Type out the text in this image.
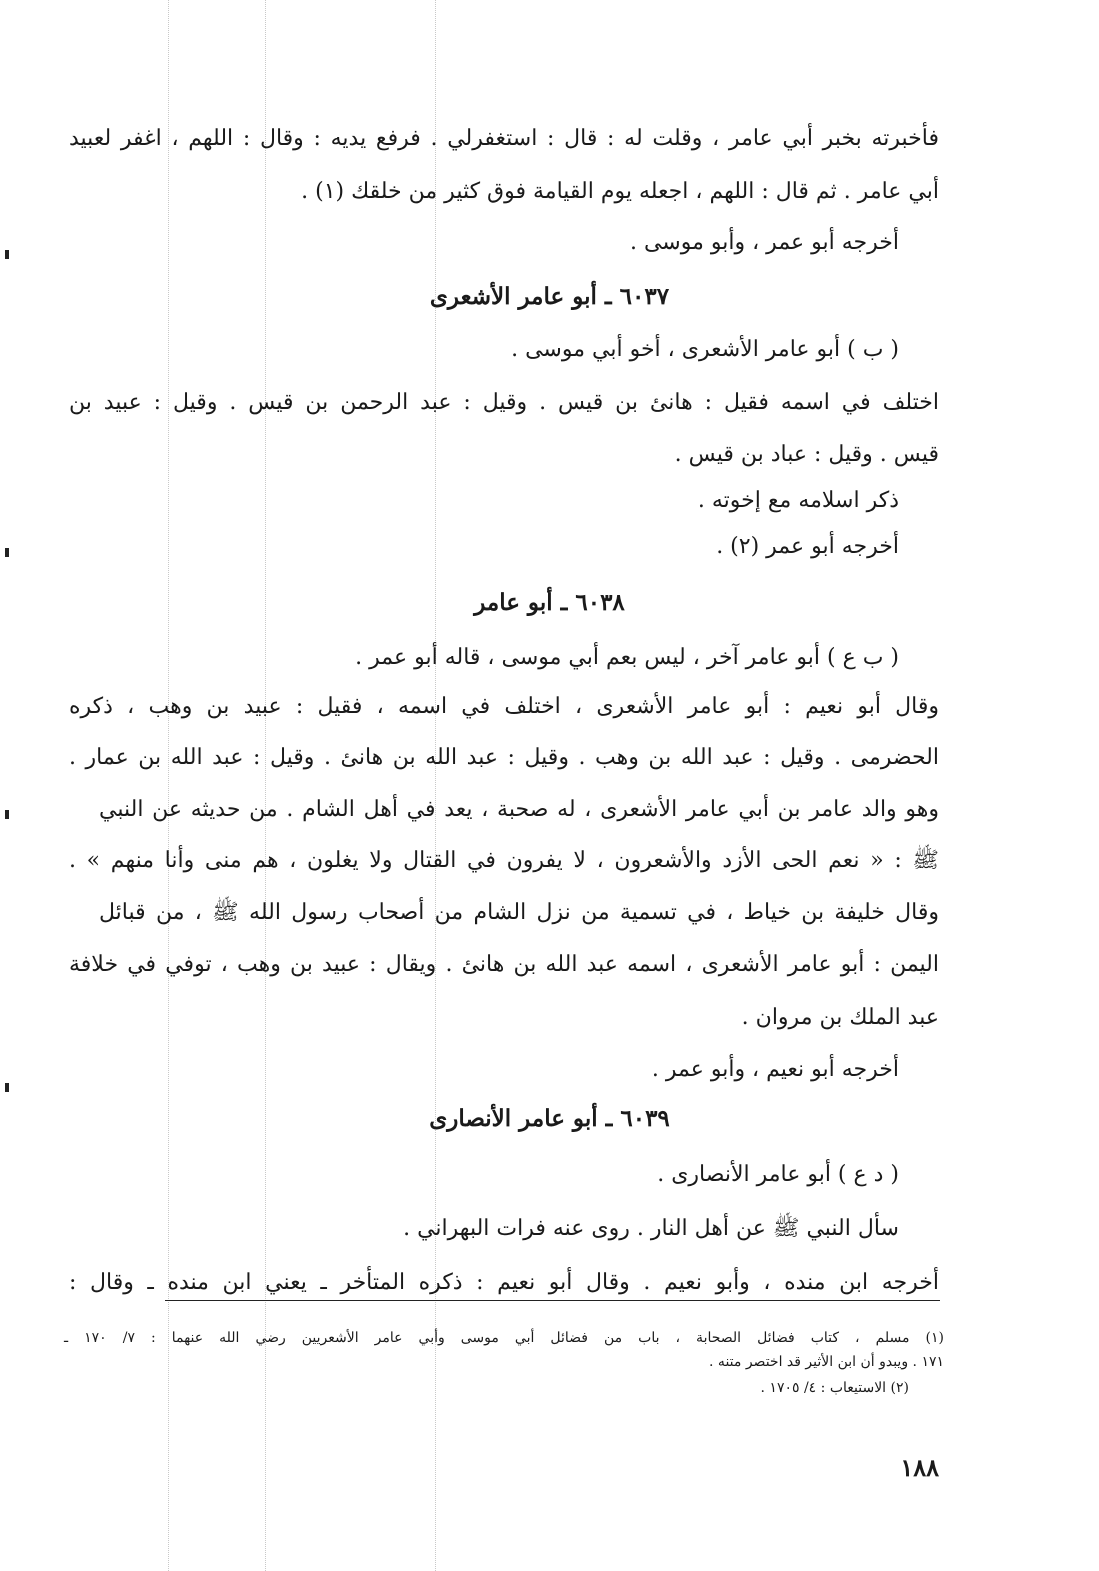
فأخبرته بخبر أبي عامر ، وقلت له : قال : استغفرلي . فرفع يديه : وقال : اللهم ، اغفر لعبيد
أبي عامر . ثم قال : اللهم ، اجعله يوم القيامة فوق كثير من خلقك (١) .
أخرجه أبو عمر ، وأبو موسى .
٦٠٣٧ ـ أبو عامر الأشعرى
( ب ) أبو عامر الأشعرى ، أخو أبي موسى .
اختلف في اسمه فقيل : هانئ بن قيس . وقيل : عبد الرحمن بن قيس . وقيل : عبيد بن
قيس . وقيل : عباد بن قيس .
ذكر اسلامه مع إخوته .
أخرجه أبو عمر (٢) .
٦٠٣٨ ـ أبو عامر
( ب ع ) أبو عامر آخر ، ليس بعم أبي موسى ، قاله أبو عمر .
وقال أبو نعيم : أبو عامر الأشعرى ، اختلف في اسمه ، فقيل : عبيد بن وهب ، ذكره
الحضرمى . وقيل : عبد الله بن وهب . وقيل : عبد الله بن هانئ . وقيل : عبد الله بن عمار .
وهو والد عامر بن أبي عامر الأشعرى ، له صحبة ، يعد في أهل الشام . من حديثه عن النبي
ﷺ : « نعم الحى الأزد والأشعرون ، لا يفرون في القتال ولا يغلون ، هم منى وأنا منهم » .
وقال خليفة بن خياط ، في تسمية من نزل الشام من أصحاب رسول الله ﷺ ، من قبائل
اليمن : أبو عامر الأشعرى ، اسمه عبد الله بن هانئ . ويقال : عبيد بن وهب ، توفي في خلافة
عبد الملك بن مروان .
أخرجه أبو نعيم ، وأبو عمر .
٦٠٣٩ ـ أبو عامر الأنصارى
( د ع ) أبو عامر الأنصارى .
سأل النبي ﷺ عن أهل النار . روى عنه فرات البهراني .
أخرجه ابن منده ، وأبو نعيم . وقال أبو نعيم : ذكره المتأخر ـ يعني ابن منده ـ وقال :
(١) مسلم ، كتاب فضائل الصحابة ، باب من فضائل أبي موسى وأبي عامر الأشعريين رضي الله عنهما : ٧/ ١٧٠ ـ
١٧١ . ويبدو أن ابن الأثير قد اختصر متنه .
(٢) الاستيعاب : ٤/ ١٧٠٥ .
١٨٨
